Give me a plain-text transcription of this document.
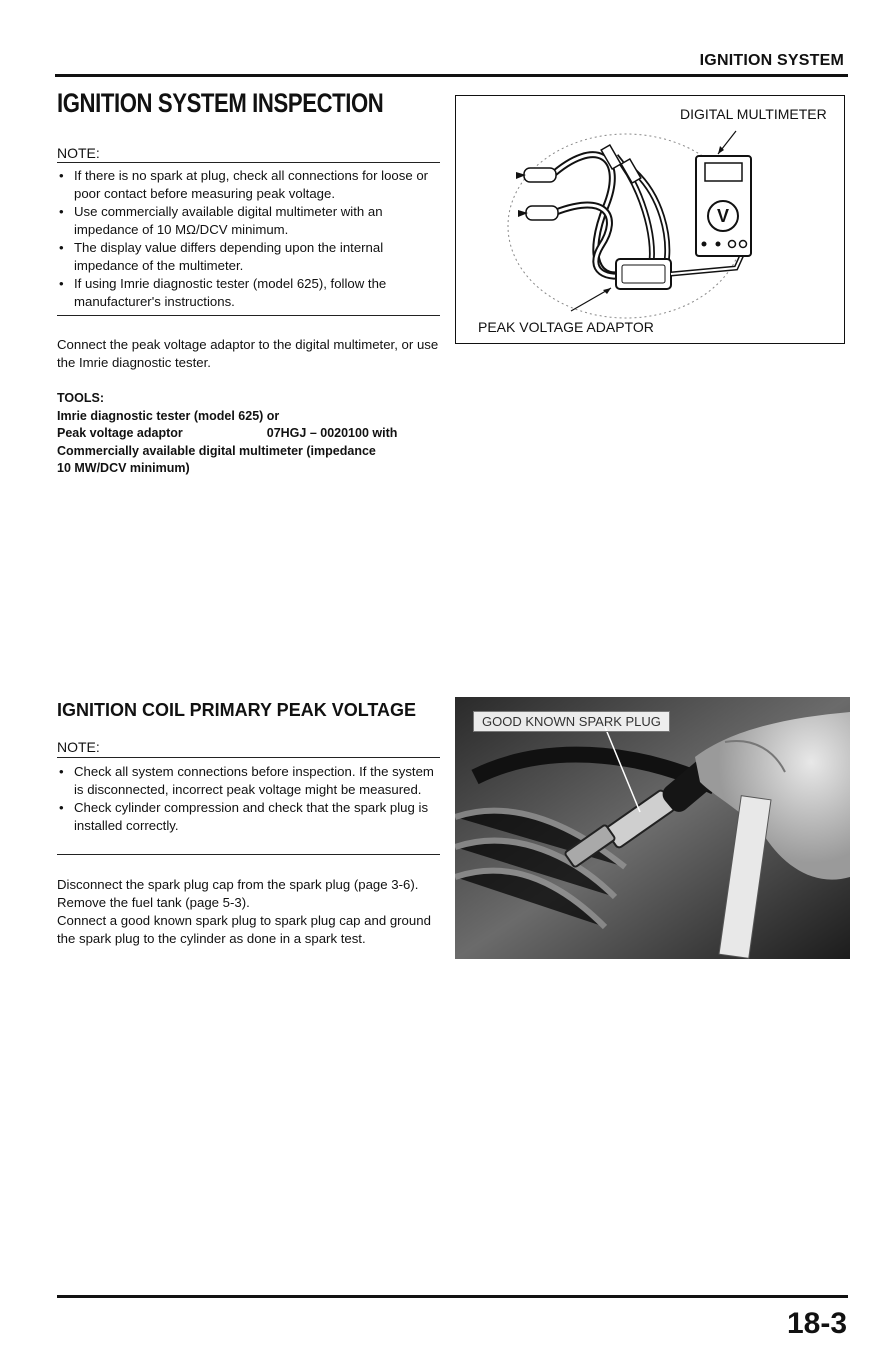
IGNITION SYSTEM
IGNITION SYSTEM INSPECTION
NOTE:
• If there is no spark at plug, check all connections for loose or poor contact before measuring peak voltage.
• Use commercially available digital multimeter with an impedance of 10 MΩ/DCV minimum.
• The display value differs depending upon the internal impedance of the multimeter.
• If using Imrie diagnostic tester (model 625), follow the manufacturer's instructions.
Connect the peak voltage adaptor to the digital multimeter, or use the Imrie diagnostic tester.
TOOLS:
Imrie diagnostic tester (model 625) or
Peak voltage adaptor	07HGJ – 0020100 with
Commercially available digital multimeter (impedance
10 MW/DCV minimum)
V
DIGITAL MULTIMETER
PEAK VOLTAGE ADAPTOR
IGNITION COIL PRIMARY PEAK VOLTAGE
NOTE:
• Check all system connections before inspection. If the system is disconnected, incorrect peak voltage might be measured.
• Check cylinder compression and check that the spark plug is installed correctly.
Disconnect the spark plug cap from the spark plug (page 3-6).
Remove the fuel tank (page 5-3).
Connect a good known spark plug to spark plug cap and ground the spark plug to the cylinder as done in a spark test.
GOOD KNOWN SPARK PLUG
18-3
